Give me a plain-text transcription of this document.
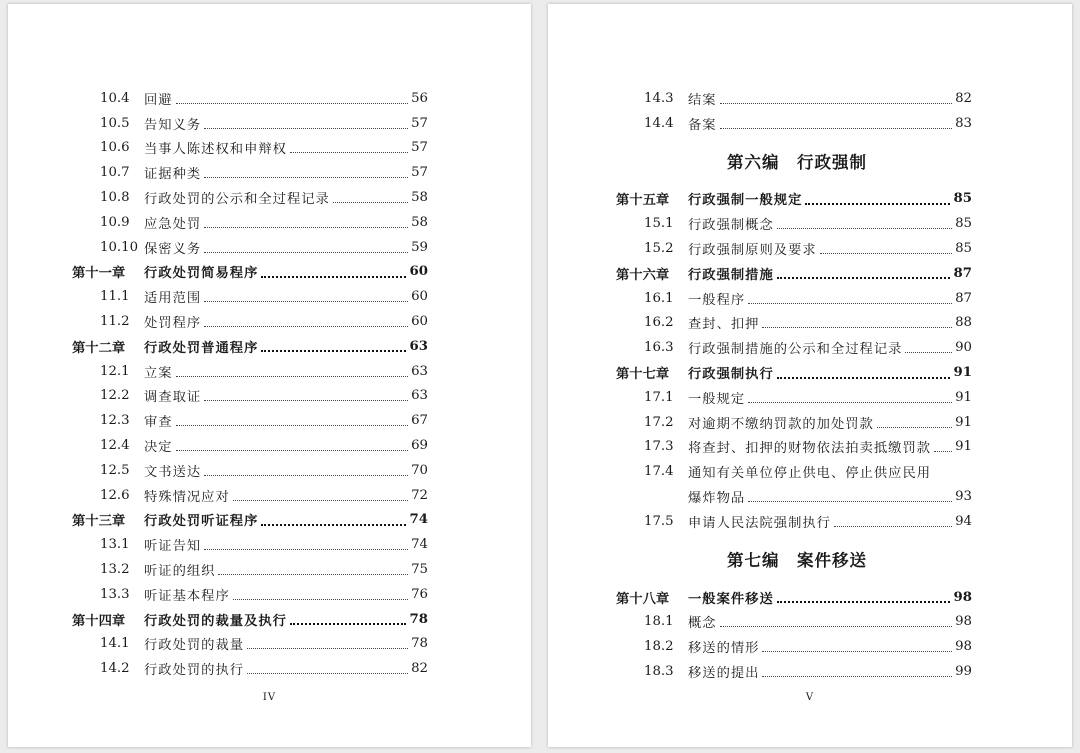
10.4	回避	56
10.5	告知义务	57
10.6	当事人陈述权和申辩权	57
10.7	证据种类	57
10.8	行政处罚的公示和全过程记录	58
10.9	应急处罚	58
10.10 保密义务	59
第十一章	行政处罚简易程序	60
11.1	适用范围	60
11.2	处罚程序	60
第十二章	行政处罚普通程序	63
12.1	立案	63
12.2	调查取证	63
12.3	审查	67
12.4	决定	69
12.5	文书送达	70
12.6	特殊情况应对	72
第十三章	行政处罚听证程序	74
13.1	听证告知	74
13.2	听证的组织	75
13.3	听证基本程序	76
第十四章	行政处罚的裁量及执行	78
14.1	行政处罚的裁量	78
14.2	行政处罚的执行	82
IV
14.3	结案	82
14.4	备案	83
第六编　行政强制
第十五章	行政强制一般规定	85
15.1	行政强制概念	85
15.2	行政强制原则及要求	85
第十六章	行政强制措施	87
16.1	一般程序	87
16.2	查封、扣押	88
16.3	行政强制措施的公示和全过程记录	90
第十七章	行政强制执行	91
17.1	一般规定	91
17.2	对逾期不缴纳罚款的加处罚款	91
17.3	将查封、扣押的财物依法拍卖抵缴罚款 91
17.4	通知有关单位停止供电、停止供应民用
爆炸物品	93
17.5	申请人民法院强制执行	94
第七编　案件移送
第十八章	一般案件移送	98
18.1	概念	98
18.2	移送的情形	98
18.3	移送的提出	99
V
